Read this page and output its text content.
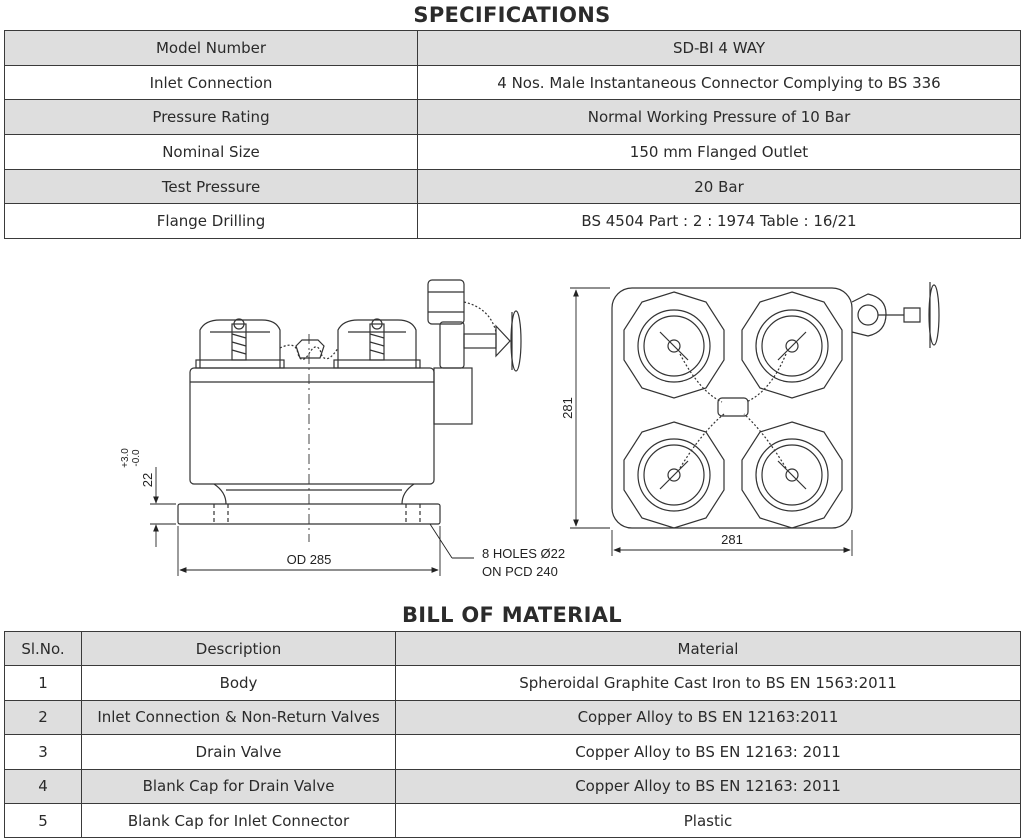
SPECIFICATIONS
Model Number	SD-BI 4 WAY
Inlet Connection	4 Nos. Male Instantaneous Connector Complying to BS 336
Pressure Rating	Normal Working Pressure of 10 Bar
Nominal Size	150 mm Flanged Outlet
Test Pressure	20 Bar
Flange Drilling	BS 4504 Part : 2 : 1974 Table : 16/21
OD 285	8 HOLES Ø22
ON PCD 240
22
+3.0 -0.0
281
281
BILL OF MATERIAL
Sl.No.	Description	Material
1	Body	Spheroidal Graphite Cast Iron to BS EN 1563:2011
2	Inlet Connection & Non-Return Valves	Copper Alloy to BS EN 12163:2011
3	Drain Valve	Copper Alloy to BS EN 12163: 2011
4	Blank Cap for Drain Valve	Copper Alloy to BS EN 12163: 2011
5	Blank Cap for Inlet Connector	Plastic
